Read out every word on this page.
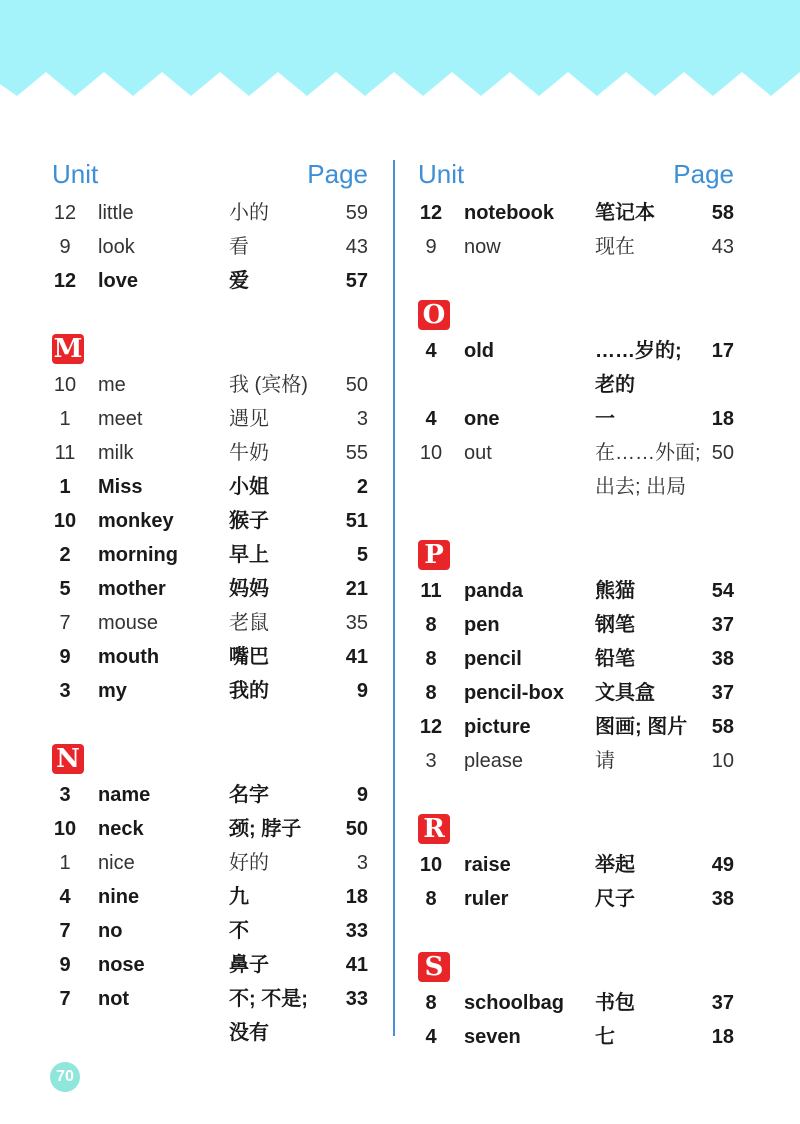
Unit	Page
12 little	小的	59
9	look	看	43
12 love	爱	57
M
10 me	我 (宾格)	50
1	meet	遇见	3
11 milk	牛奶	55
1	Miss	小姐	2
10 monkey	猴子	51
2	morning	早上	5
5	mother	妈妈	21
7	mouse	老鼠	35
9	mouth	嘴巴	41
3	my	我的	9
N
3	name	名字	9
10 neck	颈; 脖子	50
1	nice	好的	3
4	nine	九	18
7	no	不	33
9	nose	鼻子	41
7	not	不; 不是;	33
没有
Unit	Page
12 notebook 笔记本	58
9	now	现在	43
O
4	old	……岁的;	17
老的
4	one	一	18
10 out	在……外面; 50
出去; 出局
P
11 panda	熊猫	54
8	pen	钢笔	37
8	pencil	铅笔	38
8	pencil-box 文具盒	37
12 picture	图画; 图片	58
3	please	请	10
R
10 raise	举起	49
8	ruler	尺子	38
S
8	schoolbag 书包	37
4	seven	七	18
70
